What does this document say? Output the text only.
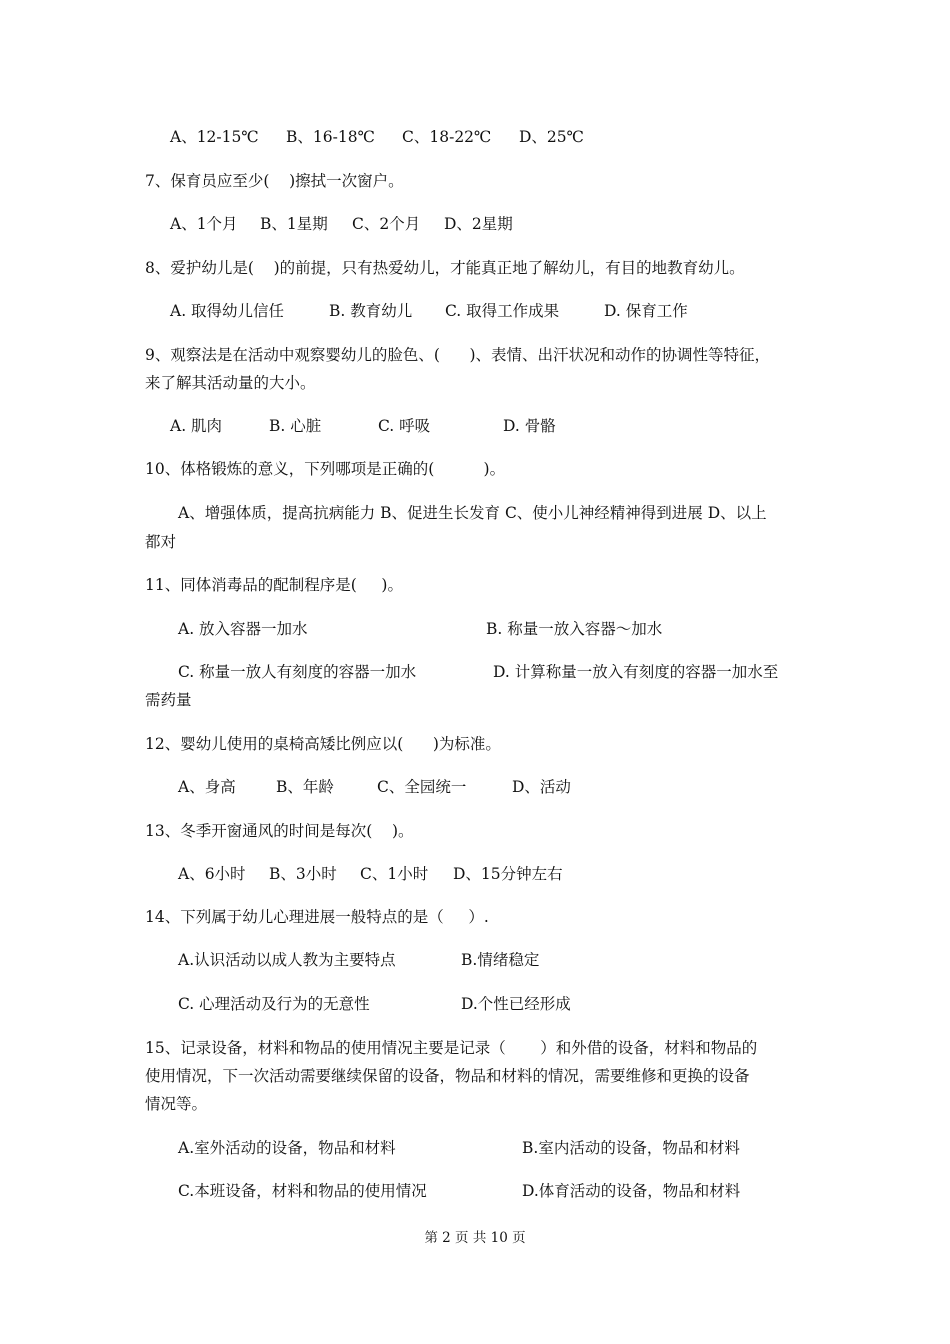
A、12-15℃ B、16-18℃ C、18-22℃ D、25℃
7、保育员应至少(    )擦拭一次窗户。
A、1个月 B、1星期 C、2个月 D、2星期
8、爱护幼儿是(    )的前提，只有热爱幼儿，才能真正地了解幼儿，有目的地教育幼儿。
A. 取得幼儿信任	B. 教育幼儿 C. 取得工作成果	D. 保育工作
9、观察法是在活动中观察婴幼儿的脸色、(      )、表情、出汗状况和动作的协调性等特征，
来了解其活动量的大小。
A. 肌肉	B. 心脏	C. 呼吸	D. 骨骼
10、体格锻炼的意义，下列哪项是正确的(          )。
A、增强体质，提高抗病能力 B、促进生长发育 C、使小儿神经精神得到进展 D、以上
都对
11、同体消毒品的配制程序是(     )。
A. 放入容器一加水	B. 称量一放入容器～加水
C. 称量一放人有刻度的容器一加水	D. 计算称量一放入有刻度的容器一加水至
需药量
12、婴幼儿使用的桌椅高矮比例应以(      )为标准。
A、身高	B、年龄	C、全园统一	D、活动
13、冬季开窗通风的时间是每次(    )。
A、6小时 B、3小时 C、1小时 D、15分钟左右
14、下列属于幼儿心理进展一般特点的是（     ）.
A.认识活动以成人教为主要特点	B.情绪稳定
C. 心理活动及行为的无意性	D.个性已经形成
15、记录设备，材料和物品的使用情况主要是记录（       ）和外借的设备，材料和物品的
使用情况，下一次活动需要继续保留的设备，物品和材料的情况，需要维修和更换的设备
情况等。
A.室外活动的设备，物品和材料	B.室内活动的设备，物品和材料
C.本班设备，材料和物品的使用情况	D.体育活动的设备，物品和材料
第 2 页 共 10 页
